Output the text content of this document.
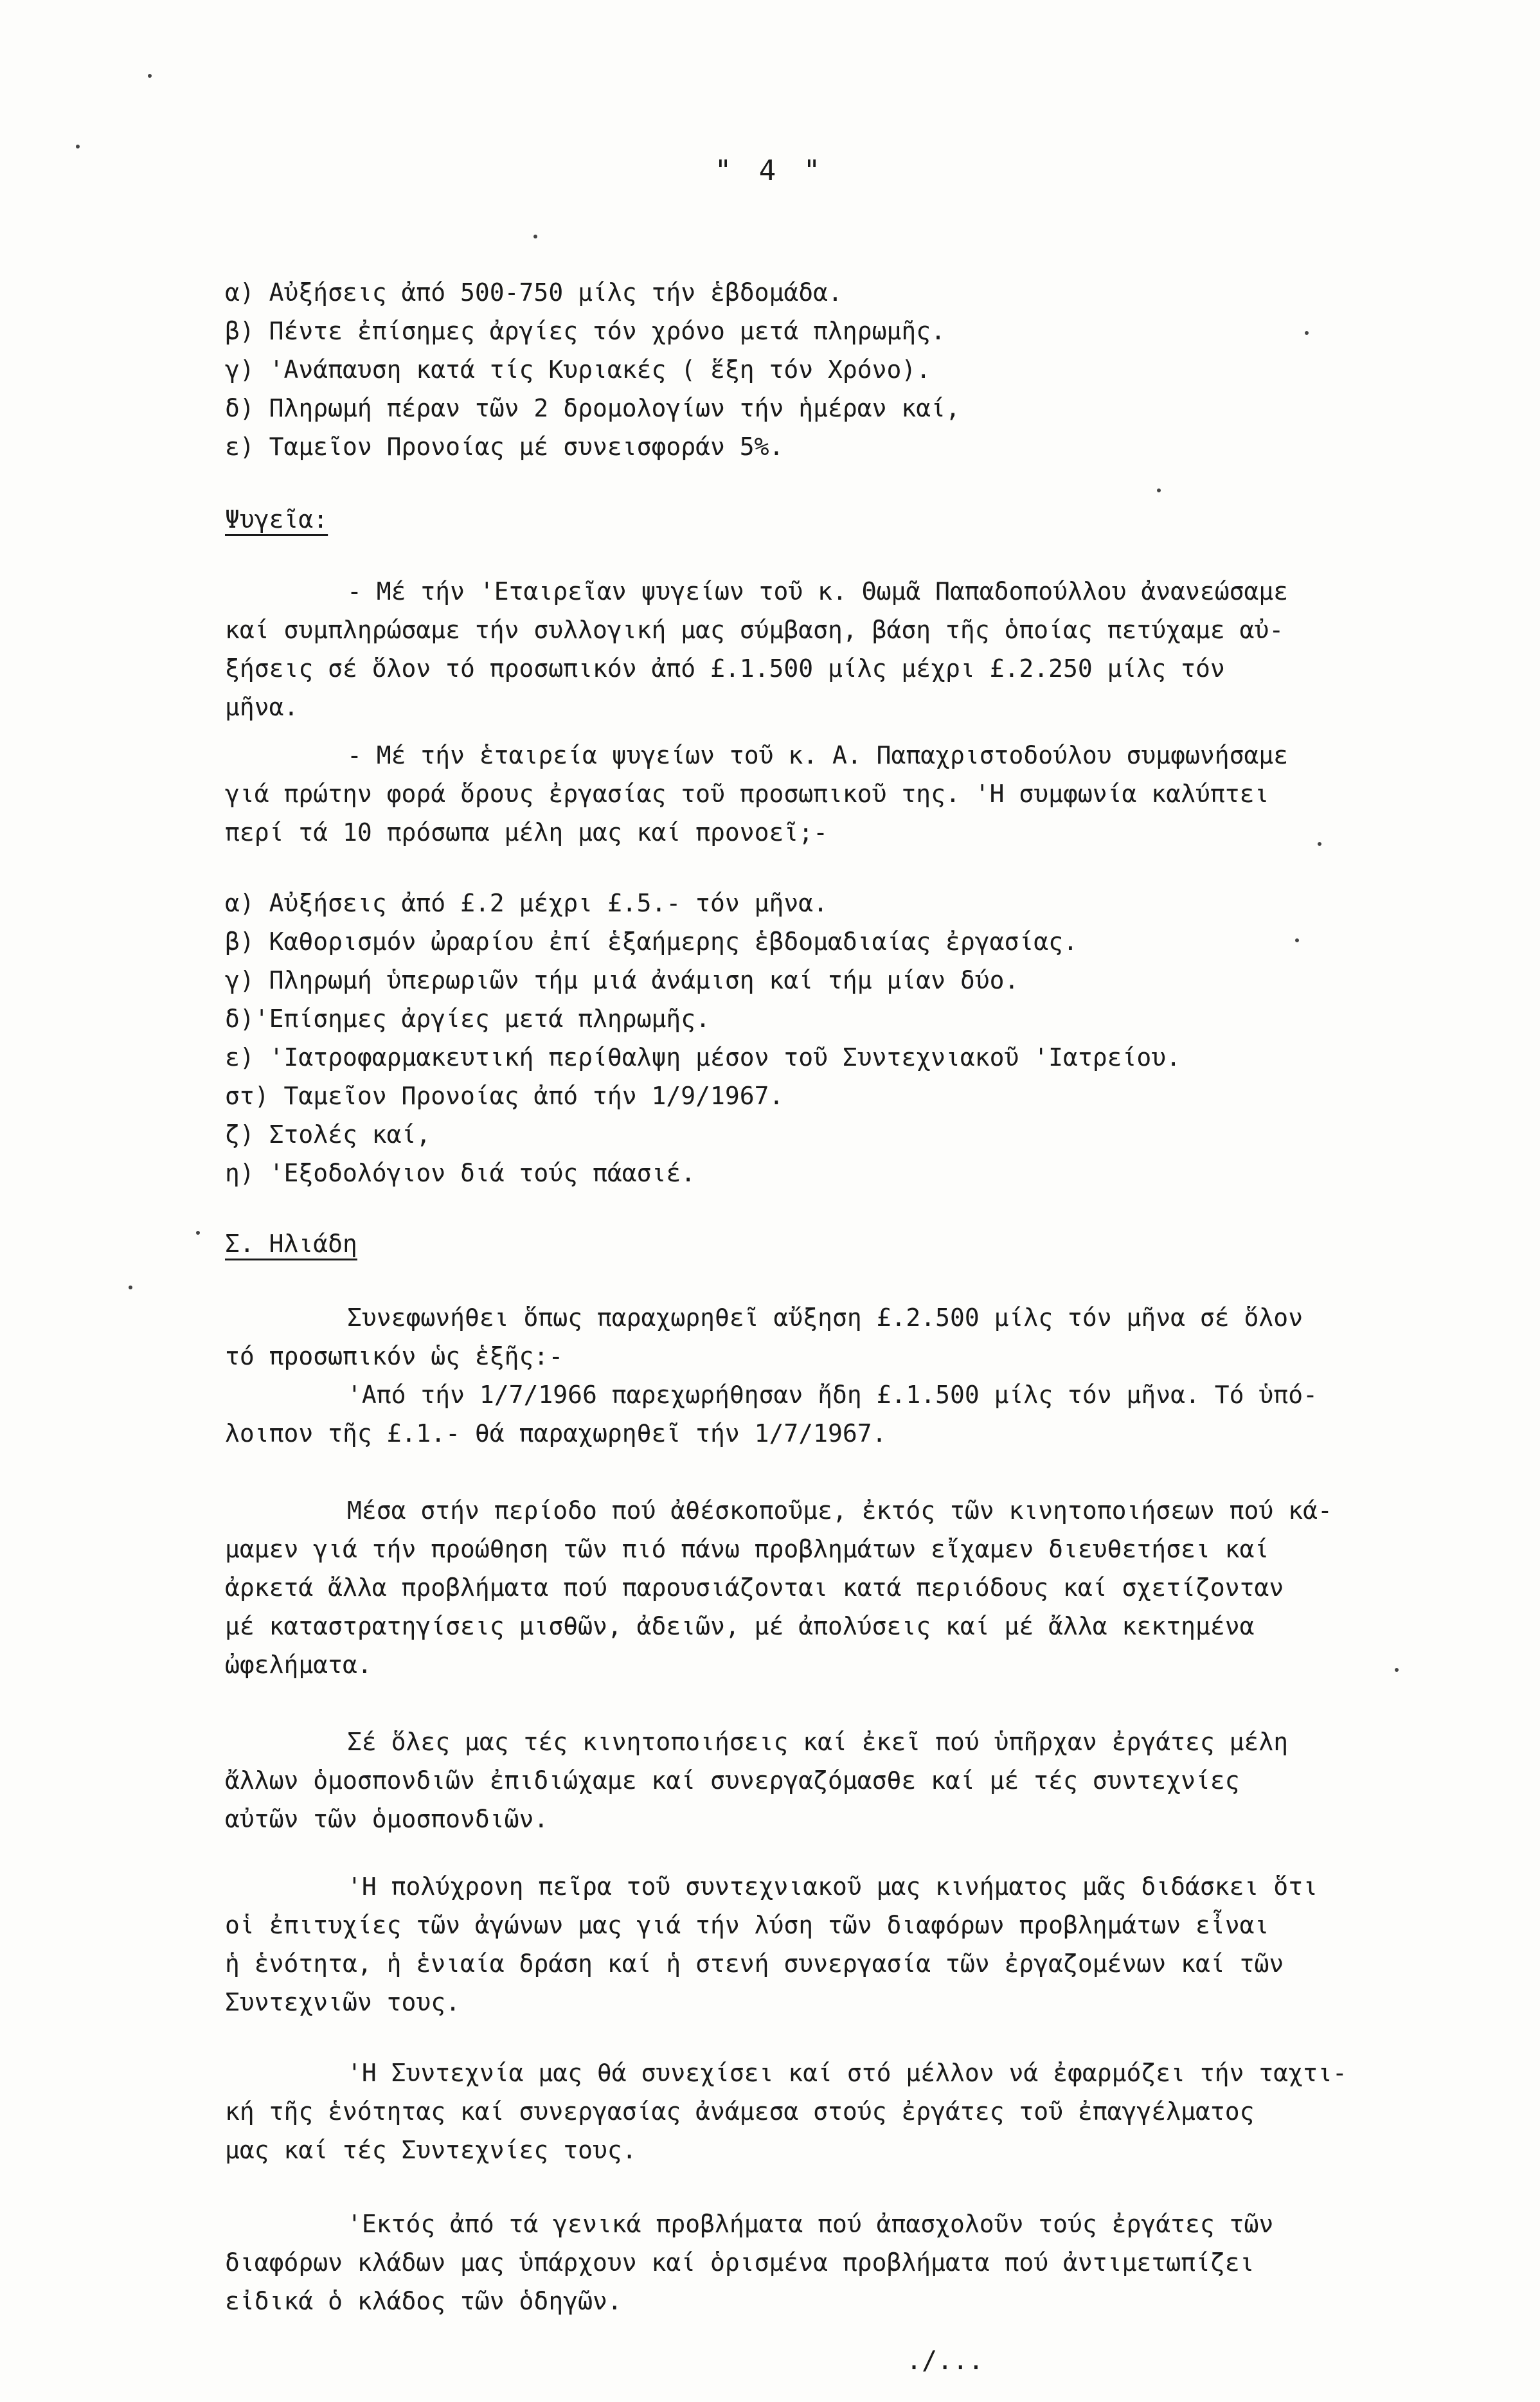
" 4 "
α) Αὐξήσεις ἀπό 500-750 μίλς τήν ἑβδομάδα.
β) Πέντε ἐπίσημες ἀργίες τόν χρόνο μετά πληρωμῆς.
γ) 'Ανάπαυση κατά τίς Κυριακές ( ἕξη τόν Χρόνο).
δ) Πληρωμή πέραν τῶν 2 δρομολογίων τήν ἡμέραν καί,
ε) Ταμεῖον Προνοίας μέ συνεισφοράν 5%.
Ψυγεῖα:
- Μέ τήν 'Εταιρεῖαν ψυγείων τοῦ κ. Θωμᾶ Παπαδοπούλλου ἀνανεώσαμε
καί συμπληρώσαμε τήν συλλογική μας σύμβαση, βάση τῆς ὁποίας πετύχαμε αὐ-
ξήσεις σέ ὅλον τό προσωπικόν ἀπό £.1.500 μίλς μέχρι £.2.250 μίλς τόν
μῆνα.
- Μέ τήν ἑταιρεία ψυγείων τοῦ κ. Α. Παπαχριστοδούλου συμφωνήσαμε
γιά πρώτην φορά ὅρους ἐργασίας τοῦ προσωπικοῦ της. 'Η συμφωνία καλύπτει
περί τά 10 πρόσωπα μέλη μας καί προνοεῖ;-
α) Αὐξήσεις ἀπό £.2 μέχρι £.5.- τόν μῆνα.
β) Καθορισμόν ὠραρίου ἐπί ἑξαήμερης ἑβδομαδιαίας ἐργασίας.
γ) Πληρωμή ὑπερωριῶν τήμ μιά ἀνάμιση καί τήμ μίαν δύο.
δ)'Επίσημες ἀργίες μετά πληρωμῆς.
ε) 'Ιατροφαρμακευτική περίθαλψη μέσον τοῦ Συντεχνιακοῦ 'Ιατρείου.
στ) Ταμεῖον Προνοίας ἀπό τήν 1/9/1967.
ζ) Στολές καί,
η) 'Εξοδολόγιον διά τούς πάασιέ.
Σ. Ηλιάδη
Συνεφωνήθει ὅπως παραχωρηθεῖ αὔξηση £.2.500 μίλς τόν μῆνα σέ ὅλον
τό προσωπικόν ὡς ἑξῆς:-
'Από τήν 1/7/1966 παρεχωρήθησαν ἤδη £.1.500 μίλς τόν μῆνα. Τό ὑπό-
λοιπον τῆς £.1.- θά παραχωρηθεῖ τήν 1/7/1967.
Μέσα στήν περίοδο πού ἀθέσκοποῦμε, ἐκτός τῶν κινητοποιήσεων πού κά-
μαμεν γιά τήν προώθηση τῶν πιό πάνω προβλημάτων εἴχαμεν διευθετήσει καί
ἀρκετά ἄλλα προβλήματα πού παρουσιάζονται κατά περιόδους καί σχετίζονταν
μέ καταστρατηγίσεις μισθῶν, ἀδειῶν, μέ ἀπολύσεις καί μέ ἄλλα κεκτημένα
ὠφελήματα.
Σέ ὅλες μας τές κινητοποιήσεις καί ἐκεῖ πού ὑπῆρχαν ἐργάτες μέλη
ἄλλων ὁμοσπονδιῶν ἐπιδιώχαμε καί συνεργαζόμασθε καί μέ τές συντεχνίες
αὐτῶν τῶν ὁμοσπονδιῶν.
'Η πολύχρονη πεῖρα τοῦ συντεχνιακοῦ μας κινήματος μᾶς διδάσκει ὅτι
οἱ ἐπιτυχίες τῶν ἀγώνων μας γιά τήν λύση τῶν διαφόρων προβλημάτων εἶναι
ἡ ἑνότητα, ἡ ἑνιαία δράση καί ἡ στενή συνεργασία τῶν ἐργαζομένων καί τῶν
Συντεχνιῶν τους.
'Η Συντεχνία μας θά συνεχίσει καί στό μέλλον νά ἐφαρμόζει τήν ταχτι-
κή τῆς ἑνότητας καί συνεργασίας ἀνάμεσα στούς ἐργάτες τοῦ ἐπαγγέλματος
μας καί τές Συντεχνίες τους.
'Εκτός ἀπό τά γενικά προβλήματα πού ἀπασχολοῦν τούς ἐργάτες τῶν
διαφόρων κλάδων μας ὑπάρχουν καί ὁρισμένα προβλήματα πού ἀντιμετωπίζει
εἰδικά ὁ κλάδος τῶν ὁδηγῶν.
./...
